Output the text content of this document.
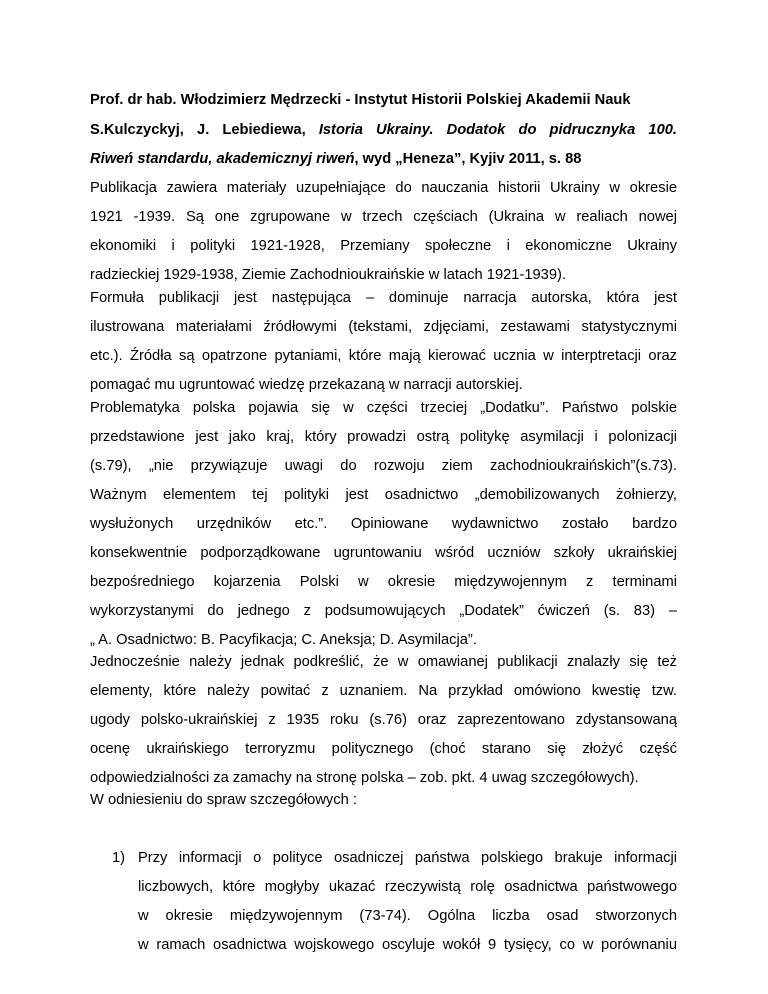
Prof. dr hab. Włodzimierz Mędrzecki - Instytut Historii Polskiej Akademii Nauk
S.Kulczyckyj, J. Lebiediewa, Istoria Ukrainy. Dodatok do pidrucznyka 100.
Riweń standardu, akademicznyj riweń, wyd „Heneza”, Kyjiv 2011, s. 88
Publikacja zawiera materiały uzupełniające do nauczania historii Ukrainy w okresie
1921 -1939. Są one zgrupowane w trzech częściach (Ukraina w realiach nowej
ekonomiki i polityki 1921-1928, Przemiany społeczne i ekonomiczne Ukrainy
radzieckiej 1929-1938, Ziemie Zachodnioukraińskie w latach 1921-1939).
Formuła publikacji jest następująca – dominuje narracja autorska, która jest
ilustrowana materiałami źródłowymi (tekstami, zdjęciami, zestawami statystycznymi
etc.). Źródła są opatrzone pytaniami, które mają kierować ucznia w interptretacji oraz
pomagać mu ugruntować wiedzę przekazaną w narracji autorskiej.
Problematyka polska pojawia się w części trzeciej „Dodatku”. Państwo polskie
przedstawione jest jako kraj, który prowadzi ostrą politykę asymilacji i polonizacji
(s.79), „nie przywiązuje uwagi do rozwoju ziem zachodnioukraińskich”(s.73).
Ważnym elementem tej polityki jest osadnictwo „demobilizowanych żołnierzy,
wysłużonych urzędników etc.”. Opiniowane wydawnictwo zostało bardzo
konsekwentnie podporządkowane ugruntowaniu wśród uczniów szkoły ukraińskiej
bezpośredniego kojarzenia Polski w okresie międzywojennym z terminami
wykorzystanymi do jednego z podsumowujących „Dodatek” ćwiczeń (s. 83) –
„ A. Osadnictwo: B. Pacyfikacja; C. Aneksja; D. Asymilacja”.
Jednocześnie należy jednak podkreślić, że w omawianej publikacji znalazły się też
elementy, które należy powitać z uznaniem. Na przykład omówiono kwestię tzw.
ugody polsko-ukraińskiej z 1935 roku (s.76) oraz zaprezentowano zdystansowaną
ocenę ukraińskiego terroryzmu politycznego (choć starano się złożyć część
odpowiedzialności za zamachy na stronę polska – zob. pkt. 4 uwag szczegółowych).
W odniesieniu do spraw szczegółowych :
1) Przy informacji o polityce osadniczej państwa polskiego brakuje informacji
liczbowych, które mogłyby ukazać rzeczywistą rolę osadnictwa państwowego
w okresie międzywojennym (73-74). Ogólna liczba osad stworzonych
w ramach osadnictwa wojskowego oscyluje wokół 9 tysięcy, co w porównaniu
